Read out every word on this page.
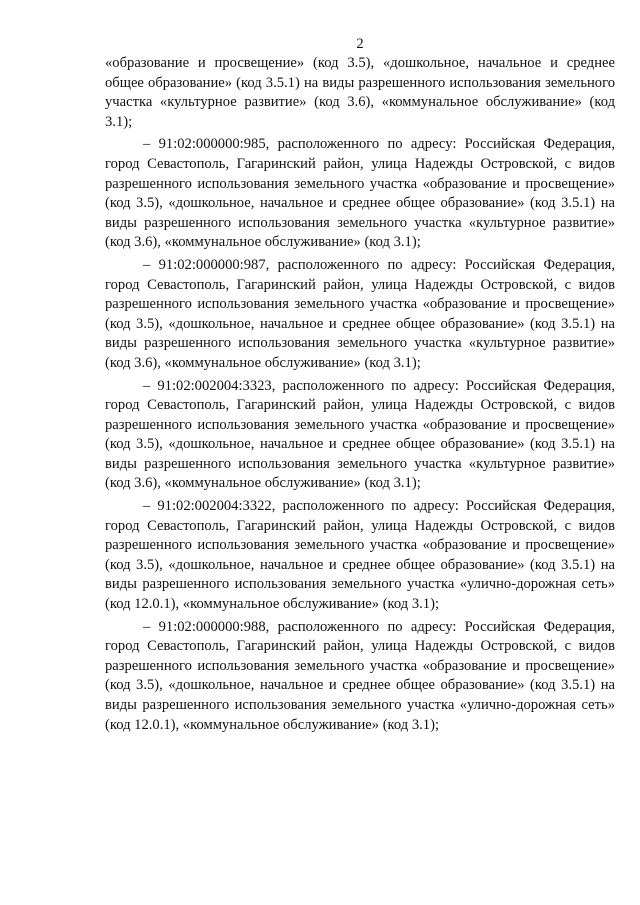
2

«образование и просвещение» (код 3.5), «дошкольное, начальное и среднее общее образование» (код 3.5.1) на виды разрешенного использования земельного участка «культурное развитие» (код 3.6), «коммунальное обслуживание» (код 3.1);

– 91:02:000000:985, расположенного по адресу: Российская Федерация, город Севастополь, Гагаринский район, улица Надежды Островской, с видов разрешенного использования земельного участка «образование и просвещение» (код 3.5), «дошкольное, начальное и среднее общее образование» (код 3.5.1) на виды разрешенного использования земельного участка «культурное развитие» (код 3.6), «коммунальное обслуживание» (код 3.1);

– 91:02:000000:987, расположенного по адресу: Российская Федерация, город Севастополь, Гагаринский район, улица Надежды Островской, с видов разрешенного использования земельного участка «образование и просвещение» (код 3.5), «дошкольное, начальное и среднее общее образование» (код 3.5.1) на виды разрешенного использования земельного участка «культурное развитие» (код 3.6), «коммунальное обслуживание» (код 3.1);

– 91:02:002004:3323, расположенного по адресу: Российская Федерация, город Севастополь, Гагаринский район, улица Надежды Островской, с видов разрешенного использования земельного участка «образование и просвещение» (код 3.5), «дошкольное, начальное и среднее общее образование» (код 3.5.1) на виды разрешенного использования земельного участка «культурное развитие» (код 3.6), «коммунальное обслуживание» (код 3.1);

– 91:02:002004:3322, расположенного по адресу: Российская Федерация, город Севастополь, Гагаринский район, улица Надежды Островской, с видов разрешенного использования земельного участка «образование и просвещение» (код 3.5), «дошкольное, начальное и среднее общее образование» (код 3.5.1) на виды разрешенного использования земельного участка «улично-дорожная сеть» (код 12.0.1), «коммунальное обслуживание» (код 3.1);

– 91:02:000000:988, расположенного по адресу: Российская Федерация, город Севастополь, Гагаринский район, улица Надежды Островской, с видов разрешенного использования земельного участка «образование и просвещение» (код 3.5), «дошкольное, начальное и среднее общее образование» (код 3.5.1) на виды разрешенного использования земельного участка «улично-дорожная сеть» (код 12.0.1), «коммунальное обслуживание» (код 3.1);
